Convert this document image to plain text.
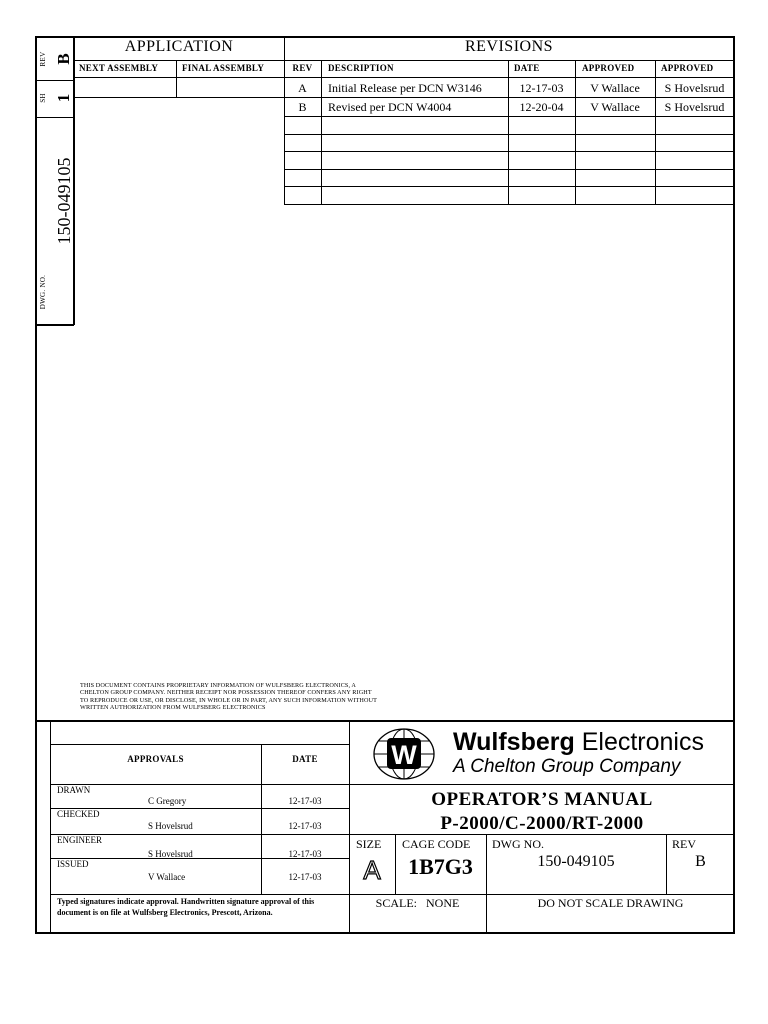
REV B
SH 1
DWG. NO.
150-049105
APPLICATION
NEXT ASSEMBLY	FINAL ASSEMBLY
REVISIONS
REV	DESCRIPTION	DATE	APPROVED	APPROVED
A	Initial Release per DCN W3146	12-17-03	V Wallace	S Hovelsrud
B	Revised per DCN W4004	12-20-04	V Wallace	S Hovelsrud
THIS DOCUMENT CONTAINS PROPRIETARY INFORMATION OF WULFSBERG ELECTRONICS, A
CHELTON GROUP COMPANY. NEITHER RECEIPT NOR POSSESSION THEREOF CONFERS ANY RIGHT
TO REPRODUCE OR USE, OR DISCLOSE, IN WHOLE OR IN PART, ANY SUCH INFORMATION WITHOUT
WRITTEN AUTHORIZATION FROM WULFSBERG ELECTRONICS
APPROVALS	DATE
DRAWN
C Gregory	12-17-03
CHECKED
S Hovelsrud	12-17-03
ENGINEER
S Hovelsrud	12-17-03
ISSUED
V Wallace	12-17-03
Typed signatures indicate approval. Handwritten signature approval of this document is on file at Wulfsberg Electronics, Prescott, Arizona.
W Wulfsberg Electronics
A Chelton Group Company
OPERATOR’S MANUAL
P-2000/C-2000/RT-2000
SIZE
A
CAGE CODE
1B7G3
DWG NO.
150-049105
REV
B
SCALE:   NONE	DO NOT SCALE DRAWING
